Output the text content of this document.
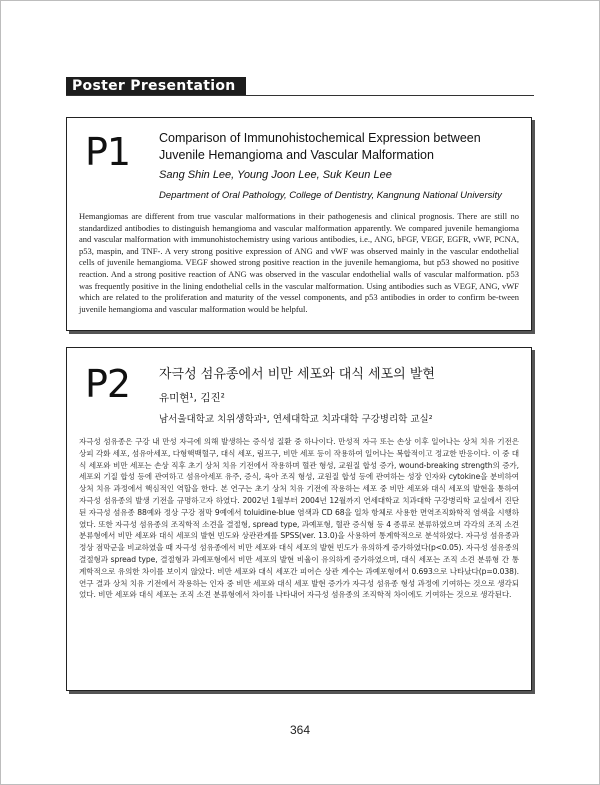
Poster Presentation
P1 Comparison of Immunohistochemical Expression between Juvenile Hemangioma and Vascular Malformation
Sang Shin Lee, Young Joon Lee, Suk Keun Lee
Department of Oral Pathology, College of Dentistry, Kangnung National University
Hemangiomas are different from true vascular malformations in their pathogenesis and clinical prognosis. There are still no standardized antibodies to distinguish hemangioma and vascular malformation apparently. We compared juvenile hemangioma and vascular malformation with immunohistochemistry using various antibodies, i.e., ANG, bFGF, VEGF, EGFR, vWF, PCNA, p53, maspin, and TNF-. A very strong positive expression of ANG and vWF was observed mainly in the vascular endothelial cells of juvenile hemangioma. VEGF showed strong positive reaction in the juvenile hemangioma, but p53 showed no positive reaction. And a strong positive reaction of ANG was observed in the vascular endothelial walls of vascular malformation. p53 was frequently positive in the lining endothelial cells in the vascular malformation. Using antibodies such as VEGF, ANG, vWF which are related to the proliferation and maturity of the vessel components, and p53 antibodies in order to confirm be-tween juvenile hemangioma and vascular malformation would be helpful.
P2 자극성 섬유종에서 비만 세포와 대식 세포의 발현
유미현¹, 김진²
남서울대학교 치위생학과¹, 연세대학교 치과대학 구강병리학 교실²
자극성 섬유종은 구강 내 만성 자극에 의해 발생하는 증식성 질환 중 하나이다. 만성적 자극 또는 손상 이후 일어나는 상처 치유 기전은 상피 각화 세포, 섬유아세포, 다형핵백혈구, 대식 세포, 림프구, 비만 세포 등이 작용하여 일어나는 복합적이고 정교한 반응이다. 이 중 대식 세포와 비만 세포는 손상 직후 초기 상처 치유 기전에서 작용하며 혈관 형성, 교원질 합성 증가, wound-breaking strength의 증가, 세포외 기질 합성 등에 관여하고 섬유아세포 유주, 증식, 육아 조직 형성, 교원질 합성 등에 관여하는 성장 인자와 cytokine을 분비하여 상처 치유 과정에서 핵심적인 역할을 한다. 본 연구는 초기 상처 치유 기전에 작용하는 세포 중 비만 세포와 대식 세포의 발현을 통하여 자극성 섬유종의 발생 기전을 규명하고자 하였다. 2002년 1월부터 2004년 12월까지 연세대학교 치과대학 구강병리학 교실에서 진단된 자극성 섬유종 88예와 정상 구강 점막 9예에서 toluidine-blue 염색과 CD 68을 일차 항체로 사용한 면역조직화학적 염색을 시행하였다. 또한 자극성 섬유종의 조직학적 소견을 결절형, spread type, 과예포형, 혈관 증식형 등 4 종류로 분류하였으며 각각의 조직 소견 분류형에서 비만 세포와 대식 세포의 발현 빈도와 상관관계를 SPSS(ver. 13.0)을 사용하여 통계학적으로 분석하였다. 자극성 섬유종과 정상 점막군을 비교하였을 때 자극성 섬유종에서 비만 세포와 대식 세포의 발현 빈도가 유의하게 증가하였다(p<0.05). 자극성 섬유종의 결절형과 spread type, 결절형과 과예포형에서 비만 세포의 발현 비율이 유의하게 증가하였으며, 대식 세포는 조직 소견 분류형 간 통계학적으로 유의한 차이를 보이지 않았다. 비만 세포와 대식 세포간 피어슨 상관 계수는 과예포형에서 0.693으로 나타났다(p=0.038). 연구 결과 상처 치유 기전에서 작용하는 인자 중 비만 세포와 대식 세포 발현 증가가 자극성 섬유종 형성 과정에 기여하는 것으로 생각되었다. 비만 세포와 대식 세포는 조직 소견 분류형에서 차이를 나타내어 자극성 섬유종의 조직학적 차이에도 기여하는 것으로 생각된다.
364
